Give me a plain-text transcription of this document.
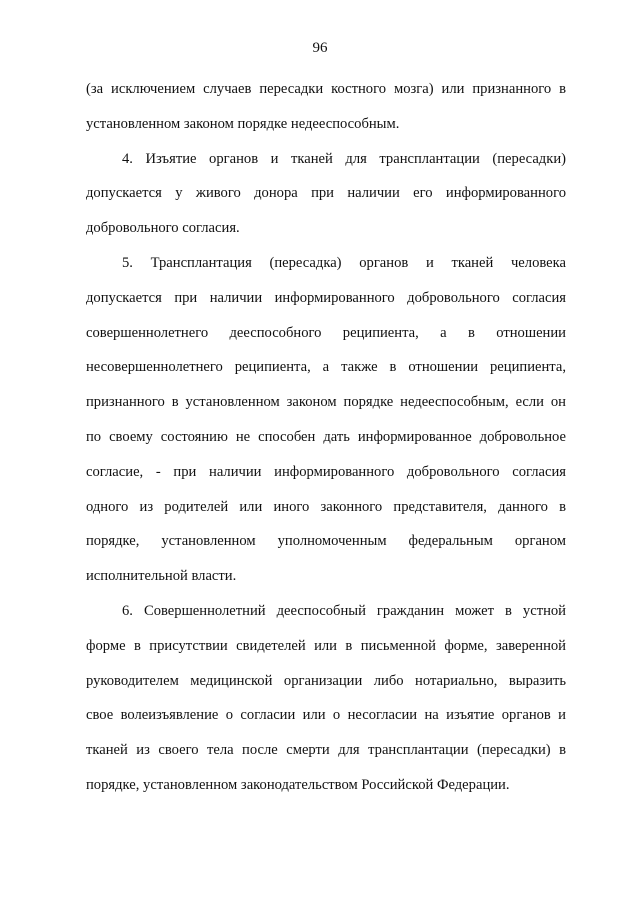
96

(за исключением случаев пересадки костного мозга) или признанного в
установленном законом порядке недееспособным.

4. Изъятие органов и тканей для трансплантации (пересадки)
допускается у живого донора при наличии его информированного
добровольного согласия.

5. Трансплантация (пересадка) органов и тканей человека
допускается при наличии информированного добровольного согласия
совершеннолетнего дееспособного реципиента, а в отношении
несовершеннолетнего реципиента, а также в отношении реципиента,
признанного в установленном законом порядке недееспособным, если он
по своему состоянию не способен дать информированное добровольное
согласие, - при наличии информированного добровольного согласия
одного из родителей или иного законного представителя, данного в
порядке, установленном уполномоченным федеральным органом
исполнительной власти.

6. Совершеннолетний дееспособный гражданин может в устной
форме в присутствии свидетелей или в письменной форме, заверенной
руководителем медицинской организации либо нотариально, выразить
свое волеизъявление о согласии или о несогласии на изъятие органов и
тканей из своего тела после смерти для трансплантации (пересадки) в
порядке, установленном законодательством Российской Федерации.
